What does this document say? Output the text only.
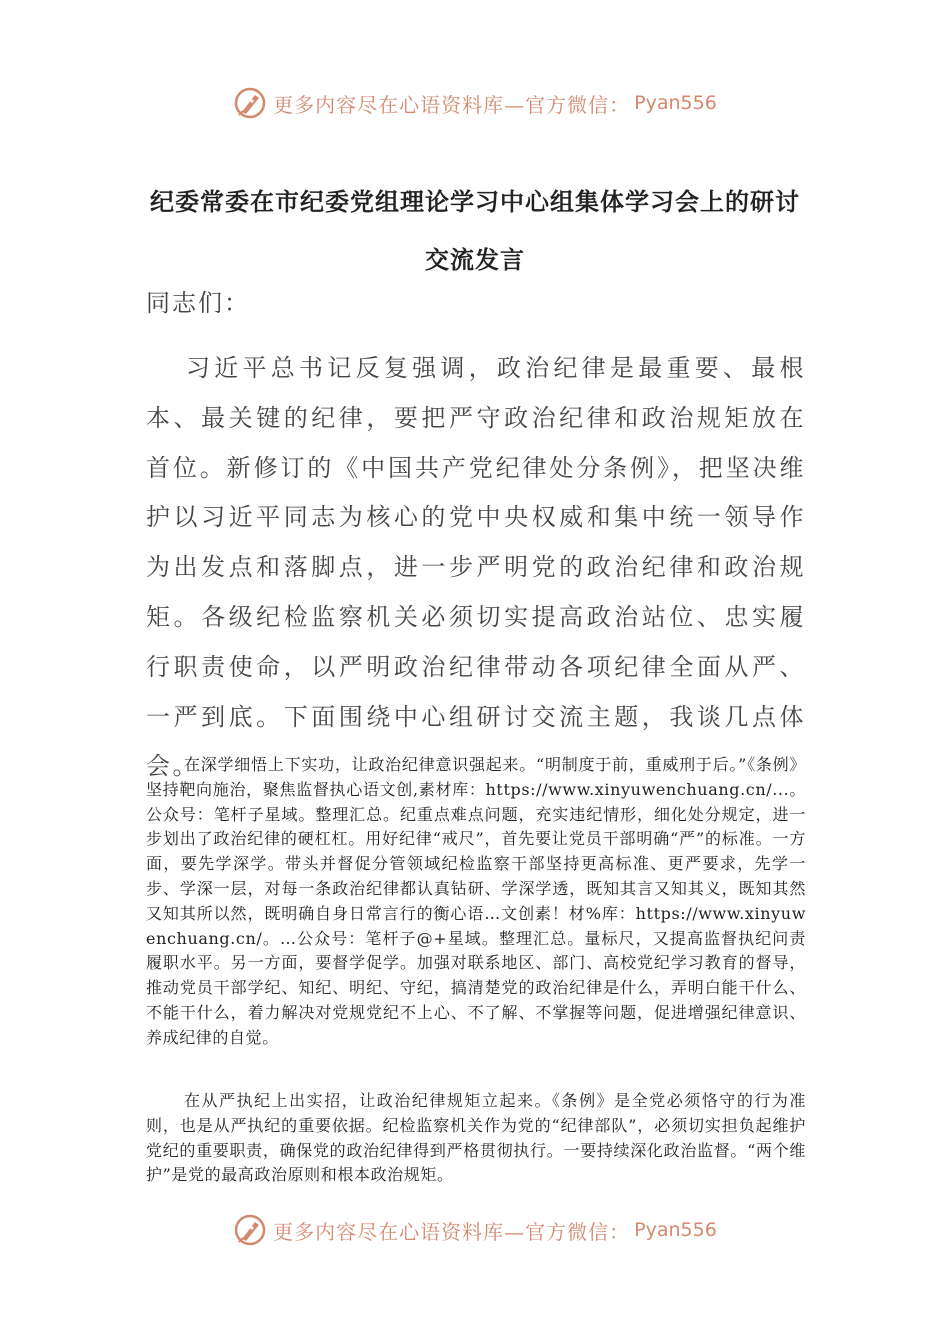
更多内容尽在心语资料库—官方微信： Pyan556
纪委常委在市纪委党组理论学习中心组集体学习会上的研讨交流发言
同志们：

习近平总书记反复强调，政治纪律是最重要、最根本、最关键的纪律，要把严守政治纪律和政治规矩放在首位。新修订的《中国共产党纪律处分条例》，把坚决维护以习近平同志为核心的党中央权威和集中统一领导作为出发点和落脚点，进一步严明党的政治纪律和政治规矩。各级纪检监察机关必须切实提高政治站位、忠实履行职责使命，以严明政治纪律带动各项纪律全面从严、一严到底。下面围绕中心组研讨交流主题，我谈几点体会。

在深学细悟上下实功，让政治纪律意识强起来。“明制度于前，重威刑于后。”《条例》坚持靶向施治，聚焦监督执心语文创,素材库：https://www.xinyuwenchuang.cn/...。公众号：笔杆子星域。整理汇总。纪重点难点问题，充实违纪情形，细化处分规定，进一步划出了政治纪律的硬杠杠。用好纪律“戒尺”，首先要让党员干部明确“严”的标准。一方面，要先学深学。带头并督促分管领域纪检监察干部坚持更高标准、更严要求，先学一步、学深一层，对每一条政治纪律都认真钻研、学深学透，既知其言又知其义，既知其然又知其所以然，既明确自身日常言行的衡心语…文创素！材%库：https://www.xinyuwenchuang.cn/。…公众号：笔杆子@+星域。整理汇总。量标尺，又提高监督执纪问责履职水平。另一方面，要督学促学。加强对联系地区、部门、高校党纪学习教育的督导，推动党员干部学纪、知纪、明纪、守纪，搞清楚党的政治纪律是什么，弄明白能干什么、不能干什么，着力解决对党规党纪不上心、不了解、不掌握等问题，促进增强纪律意识、养成纪律的自觉。

在从严执纪上出实招，让政治纪律规矩立起来。《条例》是全党必须恪守的行为准则，也是从严执纪的重要依据。纪检监察机关作为党的“纪律部队”，必须切实担负起维护党纪的重要职责，确保党的政治纪律得到严格贯彻执行。一要持续深化政治监督。“两个维护”是党的最高政治原则和根本政治规矩。

更多内容尽在心语资料库—官方微信： Pyan556
